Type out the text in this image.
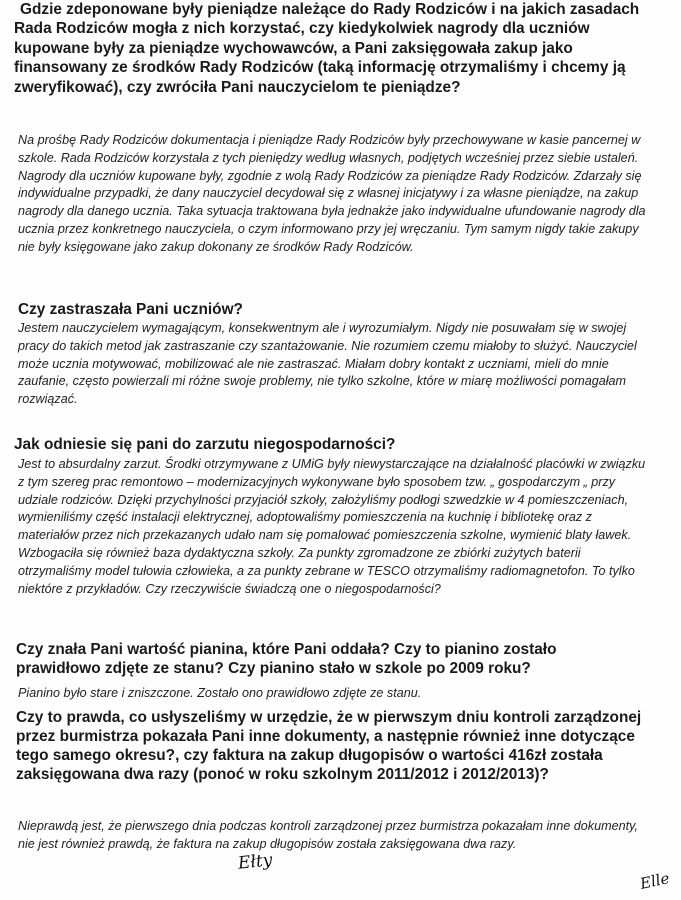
Gdzie zdeponowane były pieniądze należące do Rady Rodziców i na jakich zasadach Rada Rodziców mogła z nich korzystać, czy kiedykolwiek nagrody dla uczniów kupowane były za pieniądze wychowawców, a Pani zaksięgowała zakup jako finansowany ze środków Rady Rodziców (taką informację otrzymaliśmy i chcemy ją zweryfikować), czy zwróciła Pani nauczycielom te pieniądze?

Na prośbę Rady Rodziców dokumentacja i pieniądze Rady Rodziców były przechowywane w kasie pancernej w szkole. Rada Rodziców korzystała z tych pieniędzy według własnych, podjętych wcześniej przez siebie ustaleń. Nagrody dla uczniów kupowane były, zgodnie z wolą Rady Rodziców za pieniądze Rady Rodziców. Zdarzały się indywidualne przypadki, że dany nauczyciel decydował się z własnej inicjatywy i za własne pieniądze, na zakup nagrody dla danego ucznia. Taka sytuacja traktowana była jednakże jako indywidualne ufundowanie nagrody dla ucznia przez konkretnego nauczyciela, o czym informowano przy jej wręczaniu. Tym samym nigdy takie zakupy nie były księgowane jako zakup dokonany ze środków Rady Rodziców.

Czy zastraszała Pani uczniów?

Jestem nauczycielem wymagającym, konsekwentnym ale i wyrozumiałym. Nigdy nie posuwałam się w swojej pracy do takich metod jak zastraszanie czy szantażowanie. Nie rozumiem czemu miałoby to służyć. Nauczyciel może ucznia motywować, mobilizować ale nie zastraszać. Miałam dobry kontakt z uczniami, mieli do mnie zaufanie, często powierzali mi różne swoje problemy, nie tylko szkolne, które w miarę możliwości pomagałam rozwiązać.

Jak odniesie się pani do zarzutu niegospodarności?

Jest to absurdalny zarzut. Środki otrzymywane z UMiG były niewystarczające na działalność placówki w związku z tym szereg prac remontowo – modernizacyjnych wykonywane było sposobem tzw. „ gospodarczym „ przy udziale rodziców. Dzięki przychylności przyjaciół szkoły, założyliśmy podłogi szwedzkie w 4 pomieszczeniach, wymieniliśmy część instalacji elektrycznej, adoptowaliśmy pomieszczenia na kuchnię i bibliotekę oraz z materiałów przez nich przekazanych udało nam się pomalować pomieszczenia szkolne, wymienić blaty ławek. Wzbogaciła się również baza dydaktyczna szkoły. Za punkty zgromadzone ze zbiórki zużytych baterii otrzymaliśmy model tułowia człowieka, a za punkty zebrane w TESCO otrzymaliśmy radiomagnetofon. To tylko niektóre z przykładów. Czy rzeczywiście świadczą one o niegospodarności?

Czy znała Pani wartość pianina, które Pani oddała? Czy to pianino zostało prawidłowo zdjęte ze stanu? Czy pianino stało w szkole po 2009 roku?

Pianino było stare i zniszczone. Zostało ono prawidłowo zdjęte ze stanu.

Czy to prawda, co usłyszeliśmy w urzędzie, że w pierwszym dniu kontroli zarządzonej przez burmistrza pokazała Pani inne dokumenty, a następnie również inne dotyczące tego samego okresu?, czy faktura na zakup długopisów o wartości 416zł została zaksięgowana dwa razy (ponoć w roku szkolnym 2011/2012 i 2012/2013)?

Nieprawdą jest, że pierwszego dnia podczas kontroli zarządzonej przez burmistrza pokazałam inne dokumenty, nie jest również prawdą, że faktura na zakup długopisów została zaksięgowana dwa razy.

Ełty
Elle
